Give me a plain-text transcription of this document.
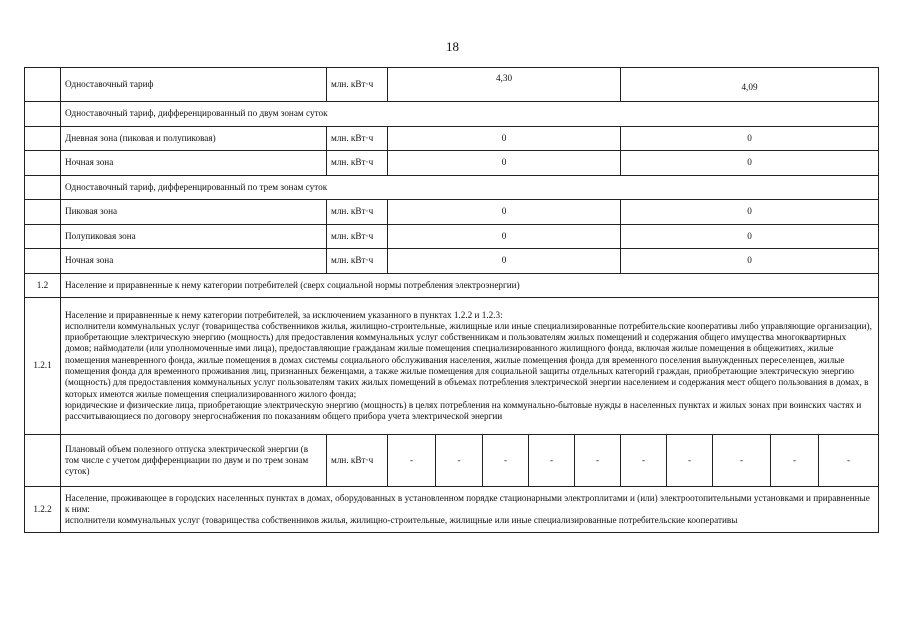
18
	Одноставочный тариф	млн. кВт·ч	4,30					4,09				
	Одноставочный тариф, дифференцированный по двум зонам суток											
	Дневная зона (пиковая и полупиковая)	млн. кВт·ч	0					0				
	Ночная зона	млн. кВт·ч	0					0				
	Одноставочный тариф, дифференцированный по трем зонам суток											
	Пиковая зона	млн. кВт·ч	0					0				
	Полупиковая зона	млн. кВт·ч	0					0				
	Ночная зона	млн. кВт·ч	0					0				
1.2	Население и приравненные к нему категории потребителей (сверх социальной нормы потребления электроэнергии)											
1.2.1	Население и приравненные к нему категории потребителей, за исключением указанного в пунктах 1.2.2 и 1.2.3:
исполнители коммунальных услуг (товарищества собственников жилья, жилищно-строительные, жилищные или иные специализированные потребительские кооперативы либо управляющие организации), приобретающие электрическую энергию (мощность) для предоставления коммунальных услуг собственникам и пользователям жилых помещений и содержания общего имущества многоквартирных домов; наймодатели (или уполномоченные ими лица), предоставляющие гражданам жилые помещения специализированного жилищного фонда, включая жилые помещения в общежитиях, жилые помещения маневренного фонда, жилые помещения в домах системы социального обслуживания населения, жилые помещения фонда для временного поселения вынужденных переселенцев, жилые помещения фонда для временного проживания лиц, признанных беженцами, а также жилые помещения для социальной защиты отдельных категорий граждан, приобретающие электрическую энергию (мощность) для предоставления коммунальных услуг пользователям таких жилых помещений в объемах потребления электрической энергии населением и содержания мест общего пользования в домах, в которых имеются жилые помещения специализированного жилого фонда;
юридические и физические лица, приобретающие электрическую энергию (мощность) в целях потребления на коммунально-бытовые нужды в населенных пунктах и жилых зонах при воинских частях и рассчитывающиеся по договору энергоснабжения по показаниям общего прибора учета электрической энергии											

	Плановый объем полезного отпуска электрической энергии (в том числе с учетом дифференциации по двум и по трем зонам суток)	млн. кВт·ч	-	-	-	-	-	-	-	-	-	-
1.2.2	Население, проживающее в городских населенных пунктах в домах, оборудованных в установленном порядке стационарными электроплитами и (или) электроотопительными установками и приравненные к ним:
исполнители коммунальных услуг (товарищества собственников жилья, жилищно-строительные, жилищные или иные специализированные потребительские кооперативы											
